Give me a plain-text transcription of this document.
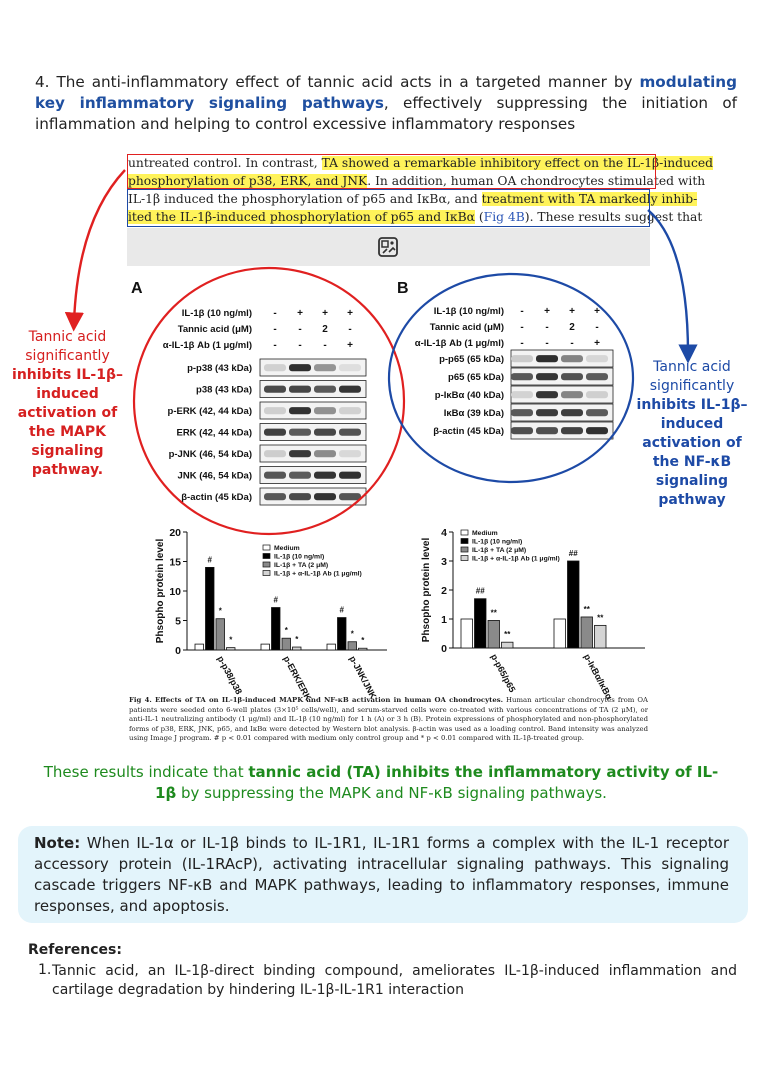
4. The anti-inflammatory effect of tannic acid acts in a targeted manner by modulating key inflammatory signaling pathways, effectively suppressing the initiation of inflammation and helping to control excessive inflammatory responses
untreated control. In contrast, TA showed a remarkable inhibitory effect on the IL-1β-induced
phosphorylation of p38, ERK, and JNK. In addition, human OA chondrocytes stimulated with
IL-1β induced the phosphorylation of p65 and IκBα, and treatment with TA markedly inhib-
ited the IL-1β-induced phosphorylation of p65 and IκBα (Fig 4B). These results suggest that
A
IL-1β (10 ng/ml) - + + +
Tannic acid (μM) - - 2 -
α-IL-1β Ab (1 μg/ml) - - - +
p-p38 (43 kDa)
p38 (43 kDa)
p-ERK (42, 44 kDa)
ERK (42, 44 kDa)
p-JNK (46, 54 kDa)
JNK (46, 54 kDa)
β-actin (45 kDa)
B
IL-1β (10 ng/ml) - + + +
Tannic acid (μM) - - 2 -
α-IL-1β Ab (1 μg/ml) - - - +
p-p65 (65 kDa)
p65 (65 kDa)
p-IκBα (40 kDa)
IκBα (39 kDa)
β-actin (45 kDa)
0
5
10
15
20
Phsopho protein level	#
*
*
p-p38/p38
#
*
*
p-ERK/ERK
#
*
*
p-JNK/JNK
Medium
IL-1β (10 ng/ml)
IL-1β + TA (2 μM)
IL-1β + α-IL-1β Ab (1 μg/ml)
0
1
2
3
4
Phsopho protein level	##
**
**
p-p65/p65
##
**
**
p-IκBα/IκBα
Medium
IL-1β (10 ng/ml)
IL-1β + TA (2 μM)
IL-1β + α-IL-1β Ab (1 μg/ml)
Fig 4. Effects of TA on IL-1β-induced MAPK and NF-κB activation in human OA chondrocytes. Human articular chondrocytes from OA patients were seeded onto 6-well plates (3×10⁵ cells/well), and serum-starved cells were co-treated with various concentrations of TA (2 μM), or anti-IL-1 neutralizing antibody (1 μg/ml) and IL-1β (10 ng/ml) for 1 h (A) or 3 h (B). Protein expressions of phosphorylated and non-phosphorylated forms of p38, ERK, JNK, p65, and IκBα were detected by Western blot analysis. β-actin was used as a loading control. Band intensity was analyzed using Image J program. # p < 0.01 compared with medium only control group and * p < 0.01 compared with IL-1β-treated group.
Tannic acid significantly
inhibits IL-1β–induced activation of the MAPK signaling pathway.
Tannic acid significantly
inhibits IL-1β–induced activation of the NF-κB signaling pathway
These results indicate that tannic acid (TA) inhibits the inflammatory activity of IL-1β by suppressing the MAPK and NF-κB signaling pathways.
Note: When IL-1α or IL-1β binds to IL-1R1, IL-1R1 forms a complex with the IL-1 receptor accessory protein (IL-1RAcP), activating intracellular signaling pathways. This signaling cascade triggers NF-κB and MAPK pathways, leading to inflammatory responses, immune responses, and apoptosis.
References:
1. Tannic acid, an IL-1β-direct binding compound, ameliorates IL-1β-induced inflammation and cartilage degradation by hindering IL-1β-IL-1R1 interaction
